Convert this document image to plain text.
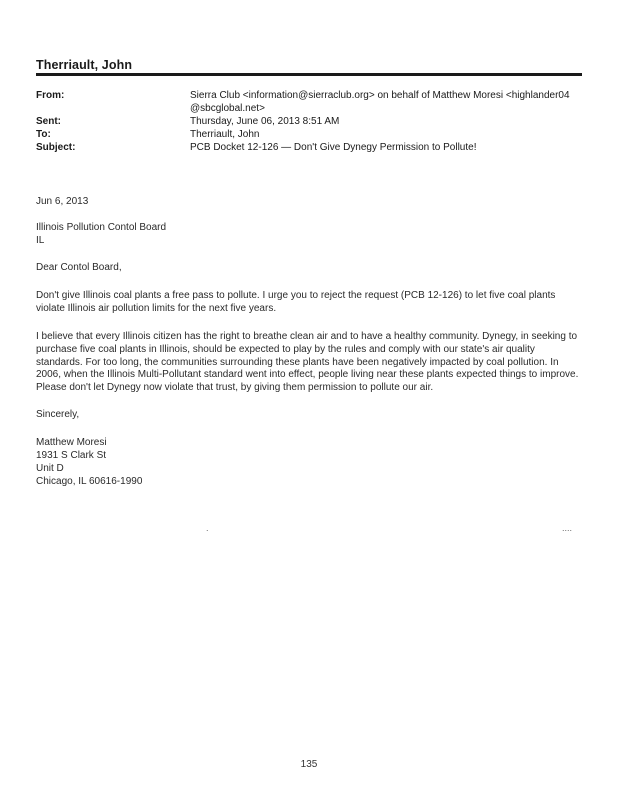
Therriault, John
From:	Sierra Club <information@sierraclub.org> on behalf of Matthew Moresi <highlander04 @sbcglobal.net>
Sent:	Thursday, June 06, 2013 8:51 AM
To:	Therriault, John
Subject:	PCB Docket 12-126 — Don't Give Dynegy Permission to Pollute!
Jun 6, 2013
Illinois Pollution Contol Board
IL
Dear Contol Board,
Don't give Illinois coal plants a free pass to pollute. I urge you to reject the request (PCB 12-126) to let five coal plants violate Illinois air pollution limits for the next five years.
I believe that every Illinois citizen has the right to breathe clean air and to have a healthy community. Dynegy, in seeking to purchase five coal plants in Illinois, should be expected to play by the rules and comply with our state's air quality standards. For too long, the communities surrounding these plants have been negatively impacted by coal pollution. In 2006, when the Illinois Multi-Pollutant standard went into effect, people living near these plants expected things to improve. Please don't let Dynegy now violate that trust, by giving them permission to pollute our air.
Sincerely,
Matthew Moresi
1931 S Clark St
Unit D
Chicago, IL 60616-1990
.	....
135
